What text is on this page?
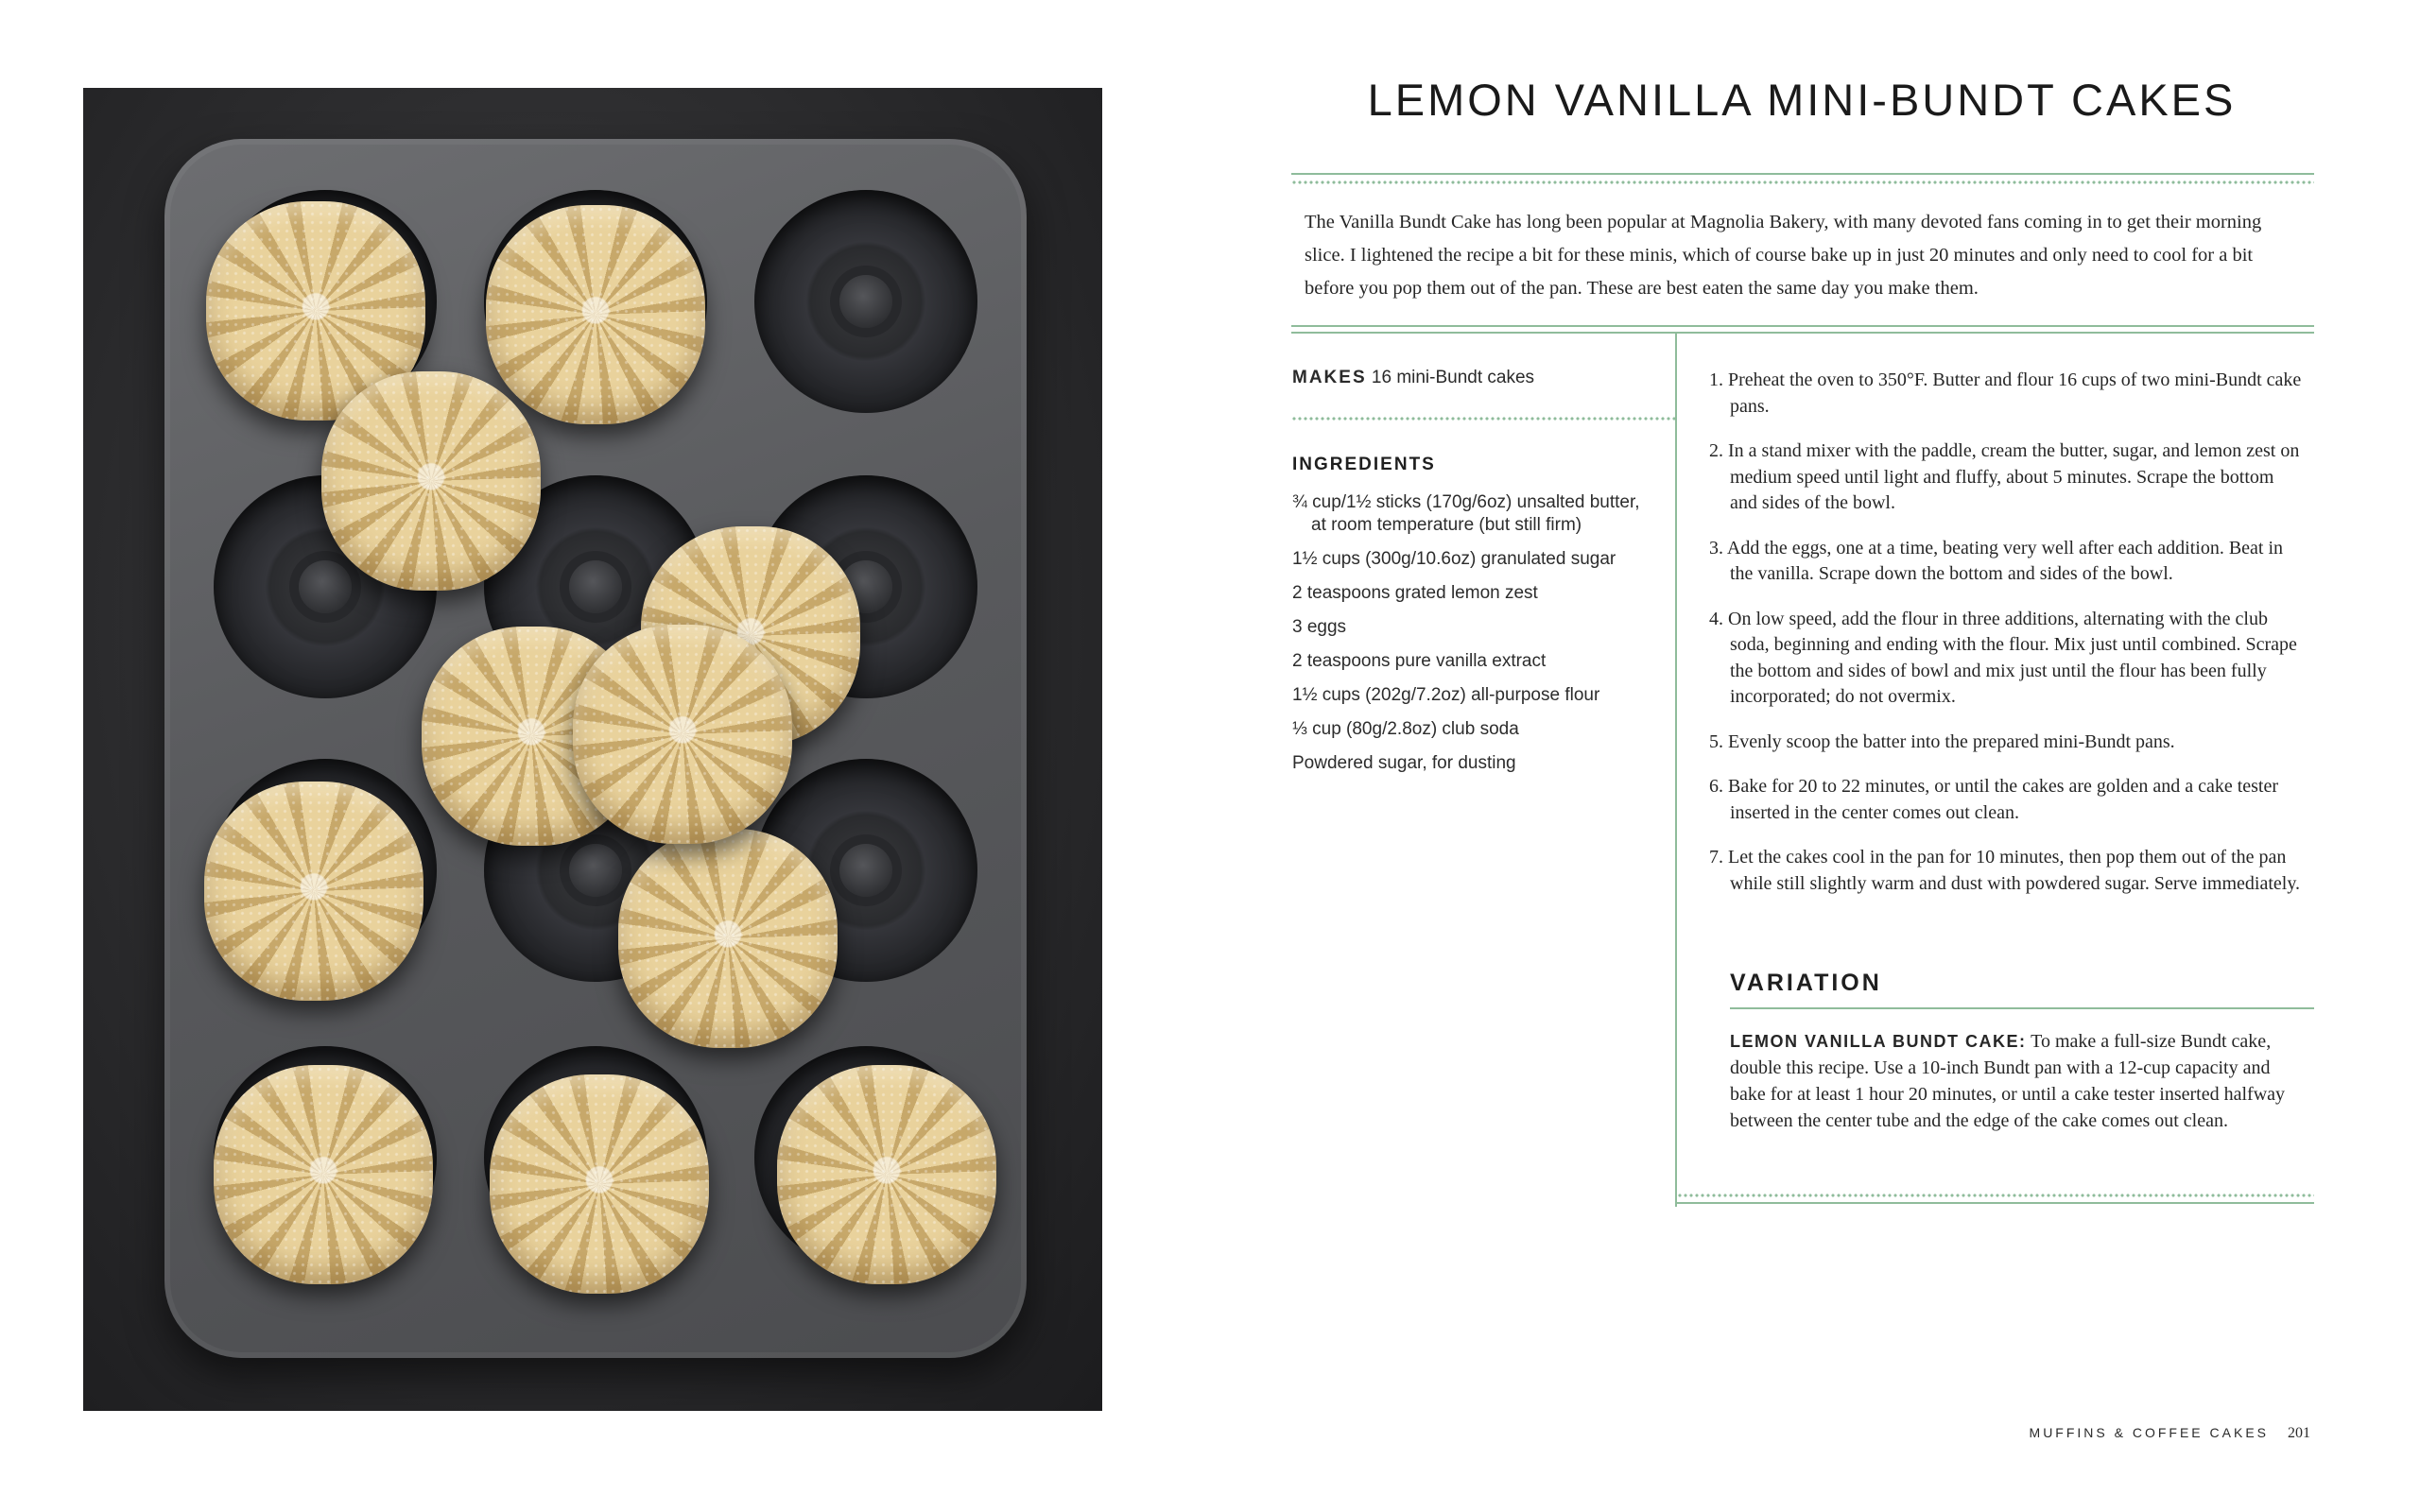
LEMON VANILLA MINI-BUNDT CAKES

The Vanilla Bundt Cake has long been popular at Magnolia Bakery, with many devoted fans coming in to get their morning slice. I lightened the recipe a bit for these minis, which of course bake up in just 20 minutes and only need to cool for a bit before you pop them out of the pan. These are best eaten the same day you make them.

MAKES 16 mini-Bundt cakes
INGREDIENTS
¾ cup/1½ sticks (170g/6oz) unsalted butter, at room temperature (but still firm)
1½ cups (300g/10.6oz) granulated sugar
2 teaspoons grated lemon zest
3 eggs
2 teaspoons pure vanilla extract
1½ cups (202g/7.2oz) all-purpose flour
⅓ cup (80g/2.8oz) club soda
Powdered sugar, for dusting
1. Preheat the oven to 350°F. Butter and flour 16 cups of two mini-Bundt cake pans.
2. In a stand mixer with the paddle, cream the butter, sugar, and lemon zest on medium speed until light and fluffy, about 5 minutes. Scrape the bottom and sides of the bowl.
3. Add the eggs, one at a time, beating very well after each addition. Beat in the vanilla. Scrape down the bottom and sides of the bowl.
4. On low speed, add the flour in three additions, alternating with the club soda, beginning and ending with the flour. Mix just until combined. Scrape the bottom and sides of bowl and mix just until the flour has been fully incorporated; do not overmix.
5. Evenly scoop the batter into the prepared mini-Bundt pans.
6. Bake for 20 to 22 minutes, or until the cakes are golden and a cake tester inserted in the center comes out clean.
7. Let the cakes cool in the pan for 10 minutes, then pop them out of the pan while still slightly warm and dust with powdered sugar. Serve immediately.
VARIATION

LEMON VANILLA BUNDT CAKE: To make a full-size Bundt cake, double this recipe. Use a 10-inch Bundt pan with a 12-cup capacity and bake for at least 1 hour 20 minutes, or until a cake tester inserted halfway between the center tube and the edge of the cake comes out clean.

MUFFINS & COFFEE CAKES 201
